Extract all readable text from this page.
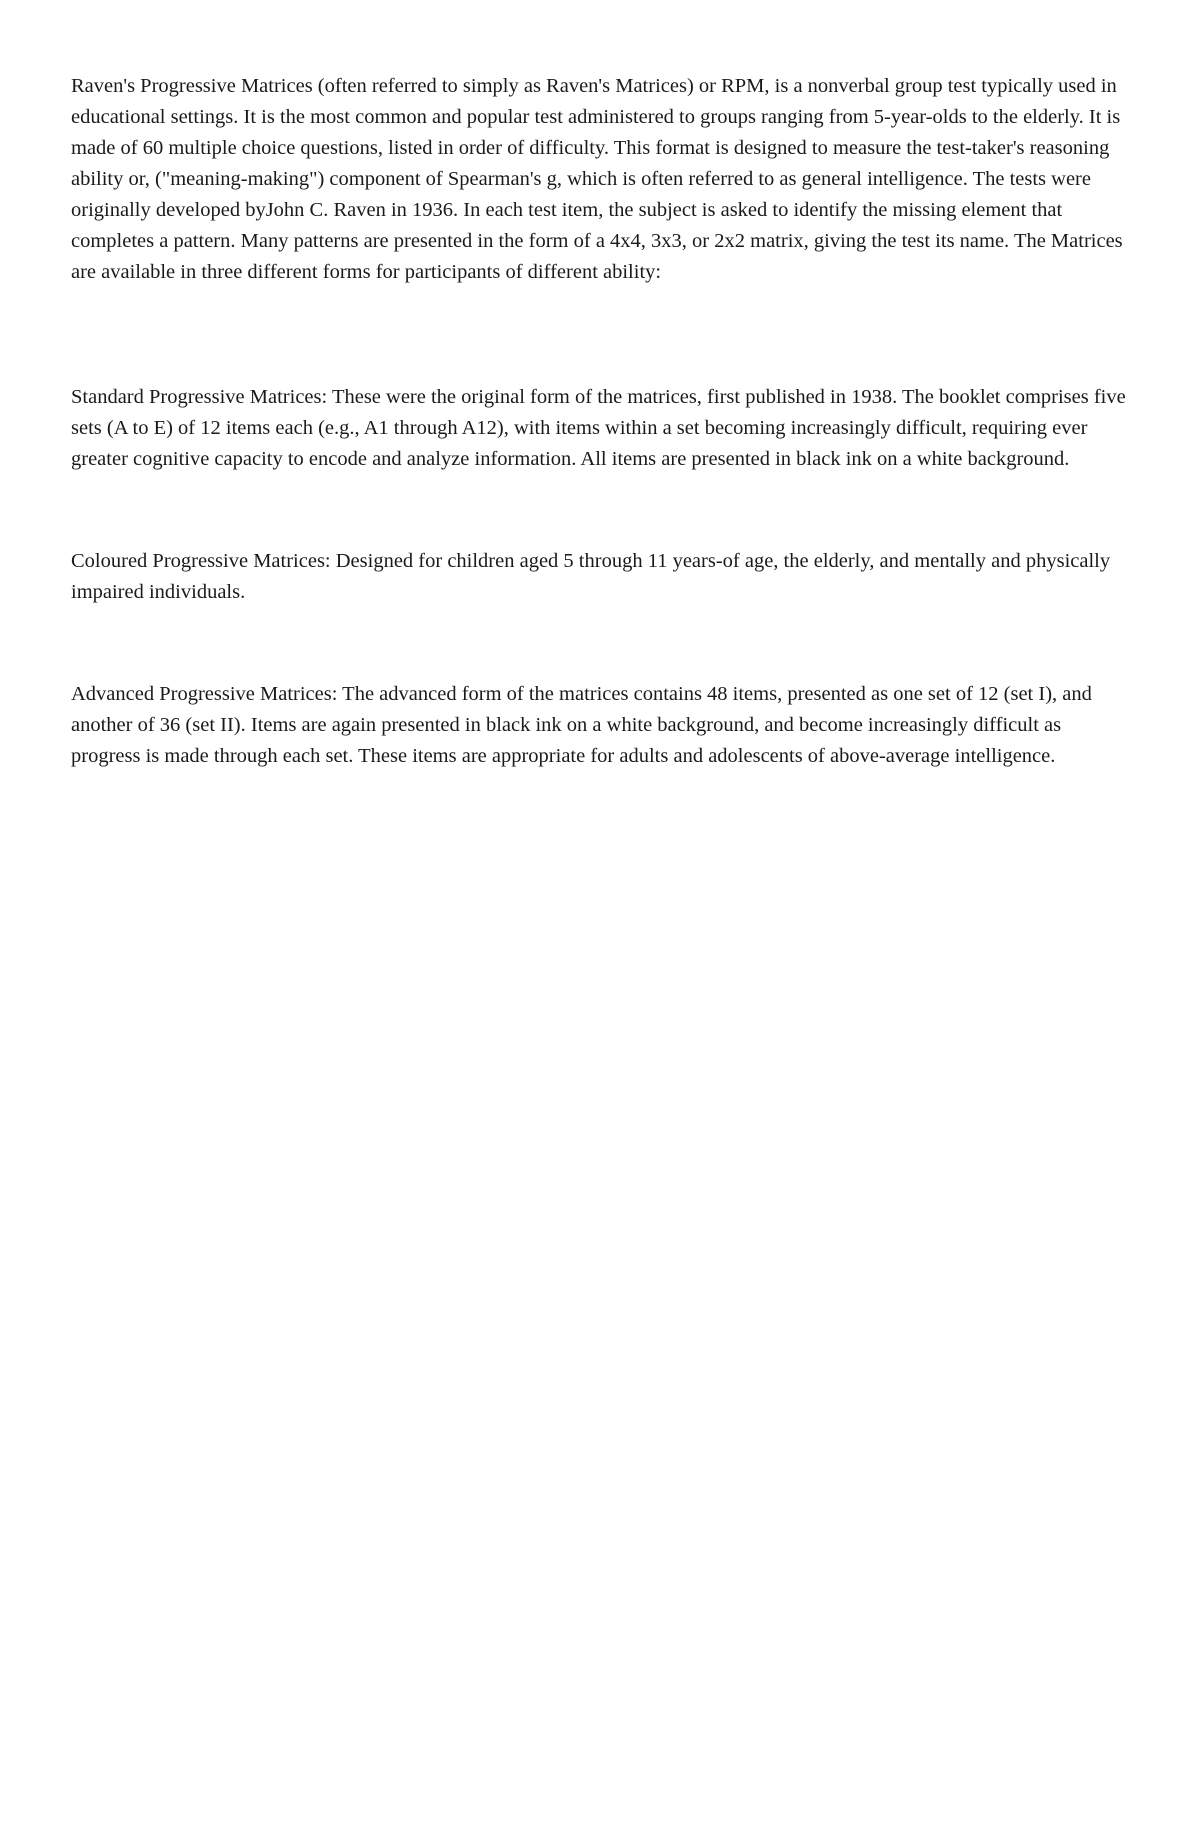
Raven's Progressive Matrices (often referred to simply as Raven's Matrices) or RPM, is a nonverbal group test typically used in educational settings. It is the most common and popular test administered to groups ranging from 5-year-olds to the elderly. It is made of 60 multiple choice questions, listed in order of difficulty. This format is designed to measure the test-taker's reasoning ability or, ("meaning-making") component of Spearman's g, which is often referred to as general intelligence. The tests were originally developed byJohn C. Raven in 1936. In each test item, the subject is asked to identify the missing element that completes a pattern. Many patterns are presented in the form of a 4x4, 3x3, or 2x2 matrix, giving the test its name. The Matrices are available in three different forms for participants of different ability:

Standard Progressive Matrices: These were the original form of the matrices, first published in 1938. The booklet comprises five sets (A to E) of 12 items each (e.g., A1 through A12), with items within a set becoming increasingly difficult, requiring ever greater cognitive capacity to encode and analyze information. All items are presented in black ink on a white background.

Coloured Progressive Matrices: Designed for children aged 5 through 11 years-of age, the elderly, and mentally and physically impaired individuals.

Advanced Progressive Matrices: The advanced form of the matrices contains 48 items, presented as one set of 12 (set I), and another of 36 (set II). Items are again presented in black ink on a white background, and become increasingly difficult as progress is made through each set. These items are appropriate for adults and adolescents of above-average intelligence.
